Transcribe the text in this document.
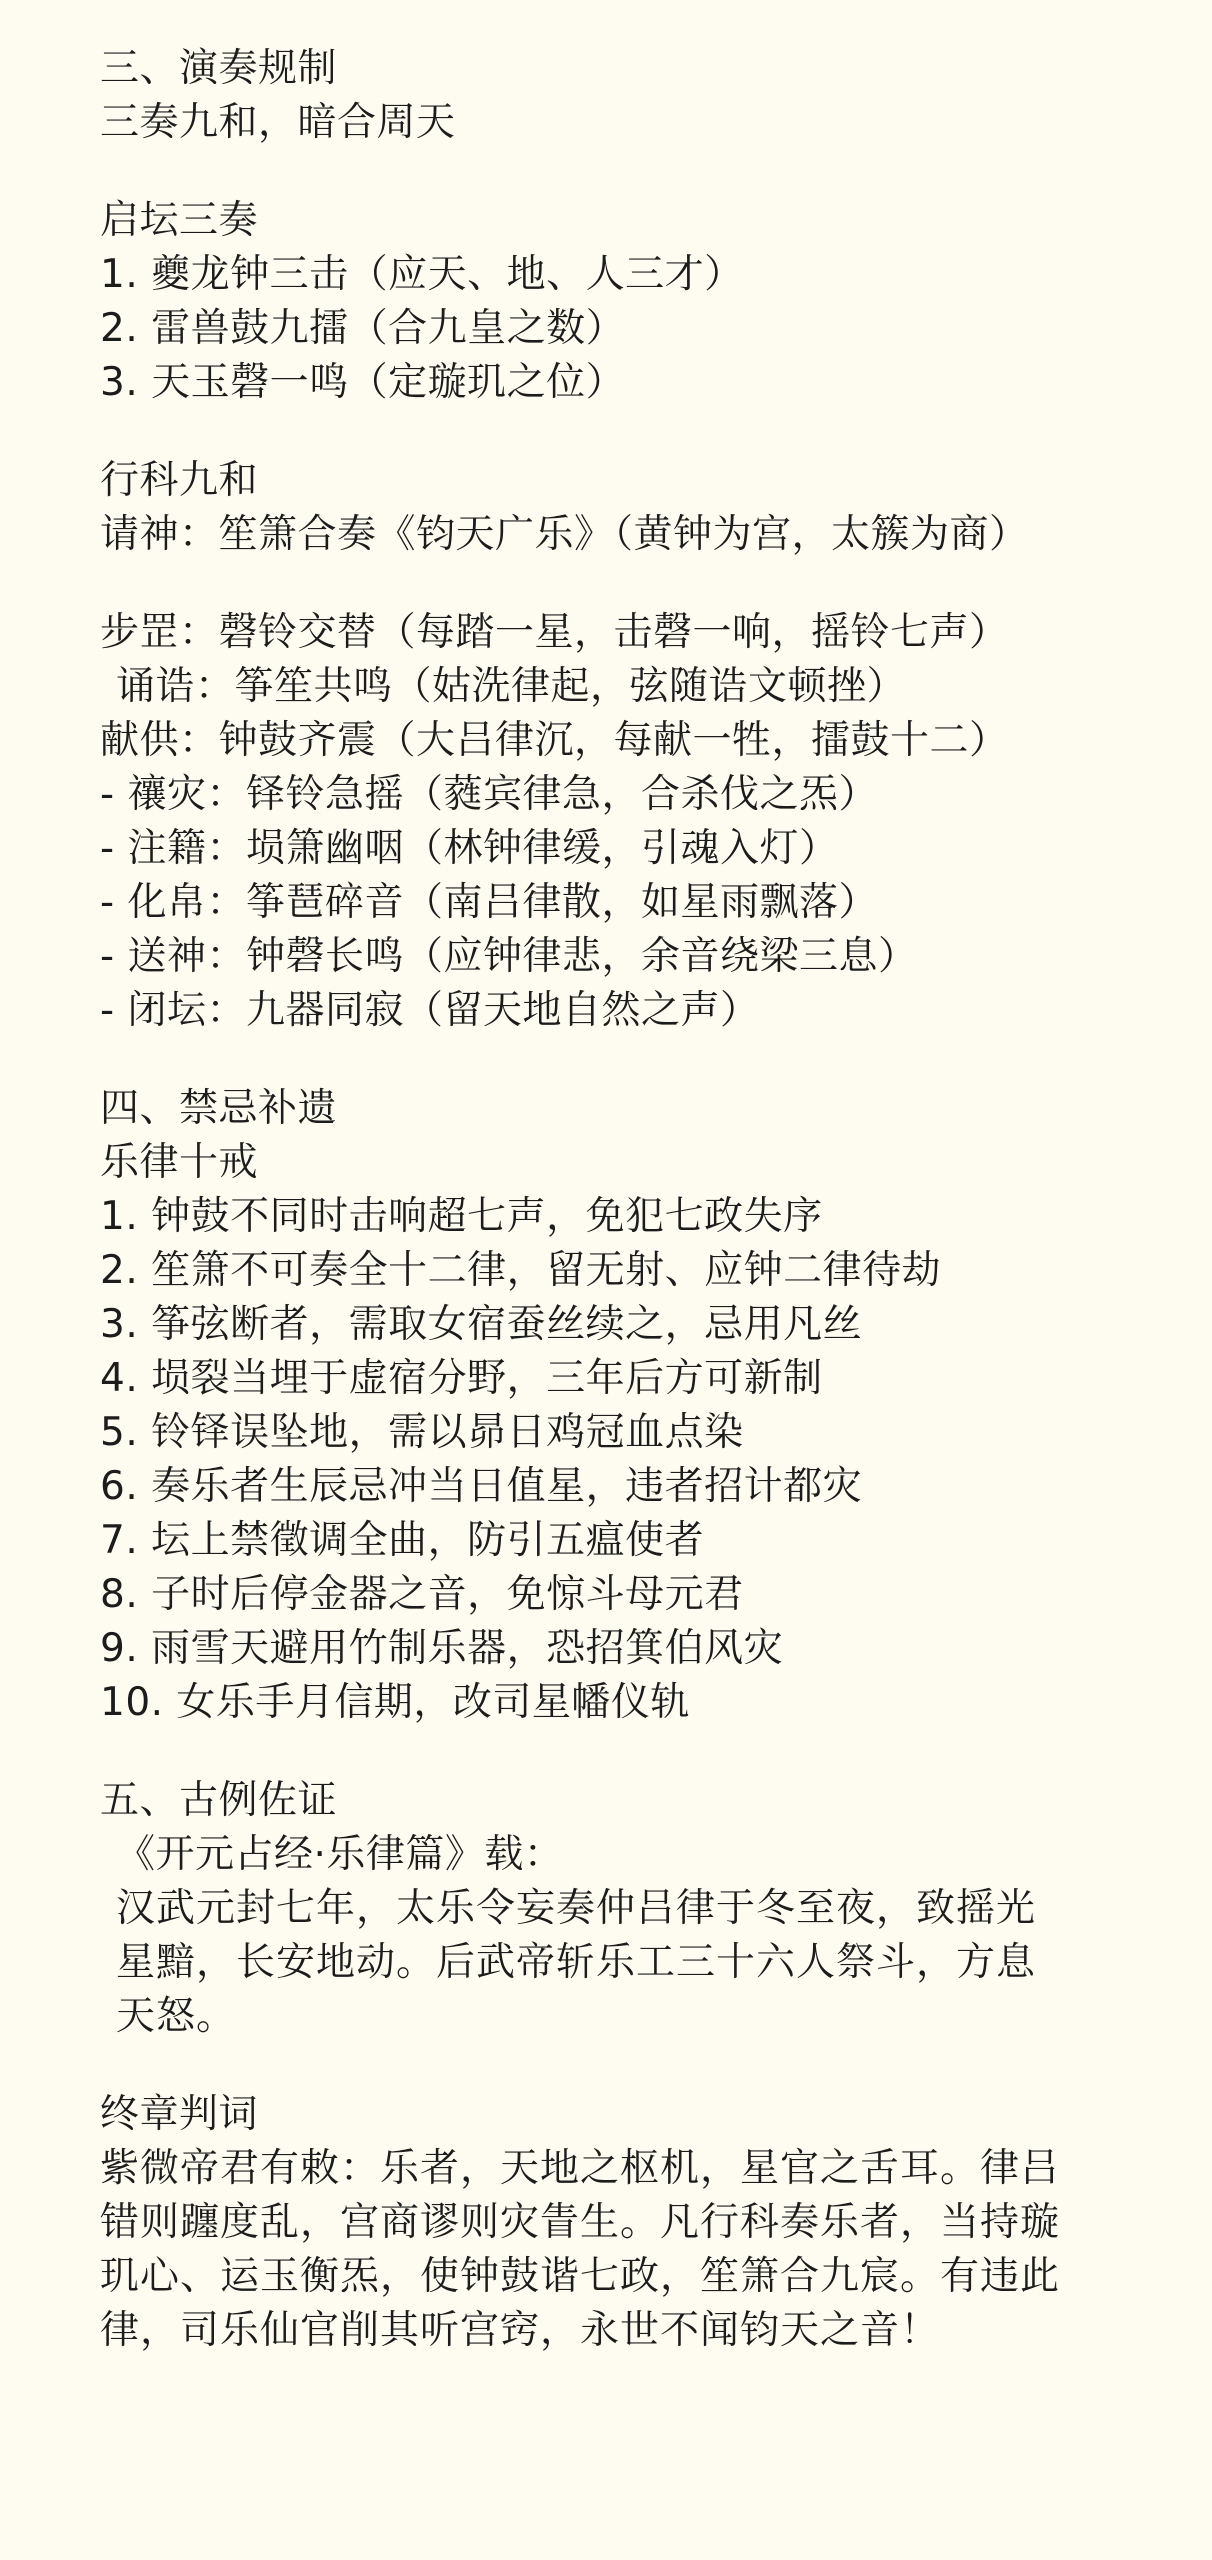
三、演奏规制
三奏九和，暗合周天
启坛三奏
1. 夔龙钟三击（应天、地、人三才）
2. 雷兽鼓九擂（合九皇之数）
3. 天玉磬一鸣（定璇玑之位）
行科九和
请神：笙箫合奏《钧天广乐》（黄钟为宫，太簇为商）
步罡：磬铃交替（每踏一星，击磬一响，摇铃七声）
诵诰：筝笙共鸣（姑洗律起，弦随诰文顿挫）
献供：钟鼓齐震（大吕律沉，每献一牲，擂鼓十二）
- 禳灾：铎铃急摇（蕤宾律急，合杀伐之炁）
- 注籍：埙箫幽咽（林钟律缓，引魂入灯）
- 化帛：筝琶碎音（南吕律散，如星雨飘落）
- 送神：钟磬长鸣（应钟律悲，余音绕梁三息）
- 闭坛：九器同寂（留天地自然之声）
四、禁忌补遗
乐律十戒
1. 钟鼓不同时击响超七声，免犯七政失序
2. 笙箫不可奏全十二律，留无射、应钟二律待劫
3. 筝弦断者，需取女宿蚕丝续之，忌用凡丝
4. 埙裂当埋于虚宿分野，三年后方可新制
5. 铃铎误坠地，需以昴日鸡冠血点染
6. 奏乐者生辰忌冲当日值星，违者招计都灾
7. 坛上禁徵调全曲，防引五瘟使者
8. 子时后停金器之音，免惊斗母元君
9. 雨雪天避用竹制乐器，恐招箕伯风灾
10. 女乐手月信期，改司星幡仪轨
五、古例佐证
《开元占经·乐律篇》载：
汉武元封七年，太乐令妄奏仲吕律于冬至夜，致摇光星黯，长安地动。后武帝斩乐工三十六人祭斗，方息天怒。
终章判词
紫微帝君有敕：乐者，天地之枢机，星官之舌耳。律吕错则躔度乱，宫商谬则灾眚生。凡行科奏乐者，当持璇玑心、运玉衡炁，使钟鼓谐七政，笙箫合九宸。有违此律，司乐仙官削其听宫窍，永世不闻钧天之音！
